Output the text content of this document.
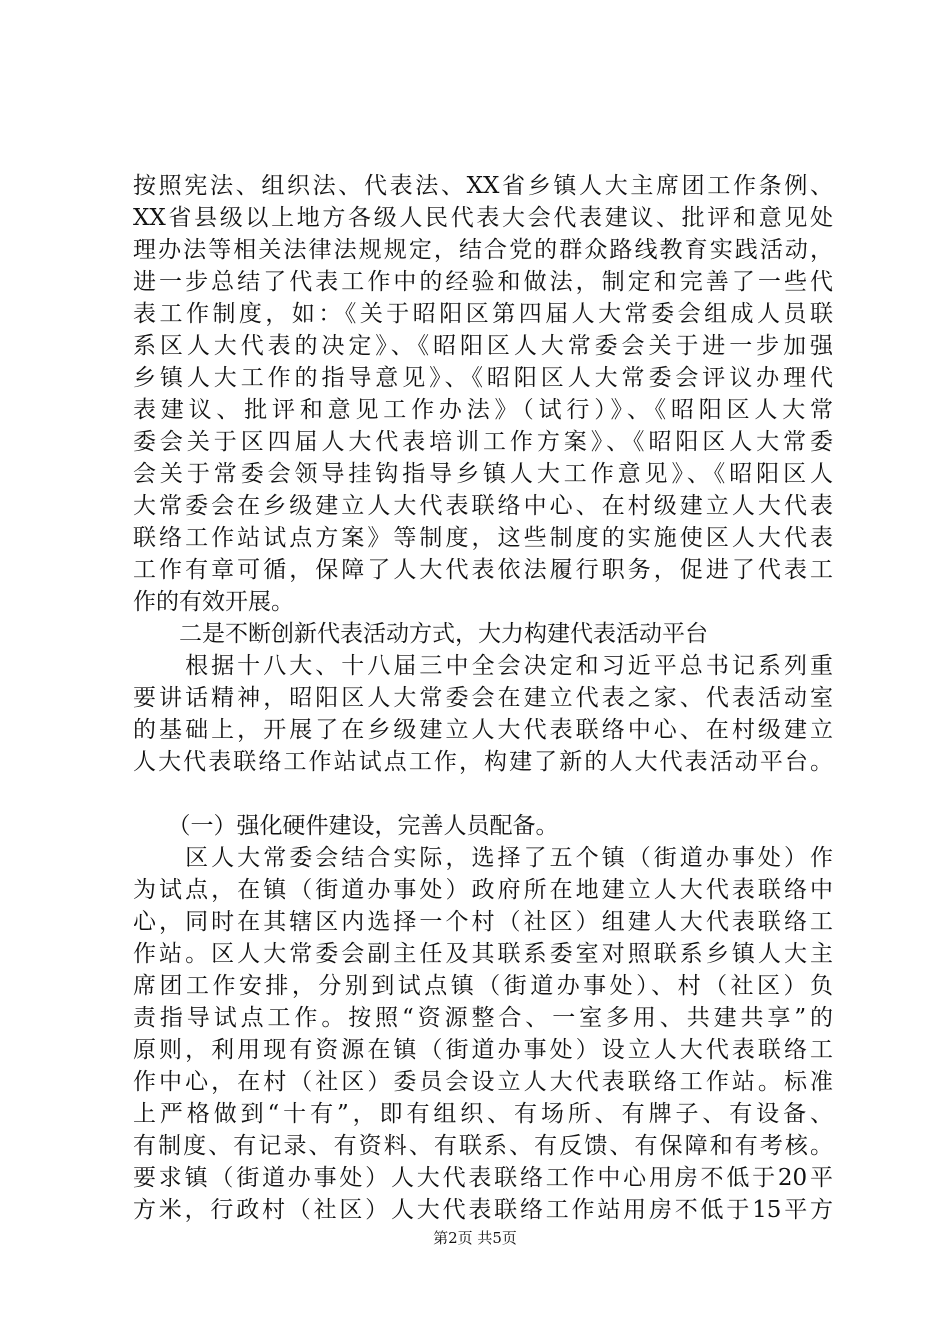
按照宪法、组织法、代表法、XX省乡镇人大主席团工作条例、
XX省县级以上地方各级人民代表大会代表建议、批评和意见处
理办法等相关法律法规规定，结合党的群众路线教育实践活动，
进一步总结了代表工作中的经验和做法，制定和完善了一些代
表工作制度，如：《关于昭阳区第四届人大常委会组成人员联
系区人大代表的决定》、《昭阳区人大常委会关于进一步加强
乡镇人大工作的指导意见》、《昭阳区人大常委会评议办理代
表建议、批评和意见工作办法》（试行）》、《昭阳区人大常
委会关于区四届人大代表培训工作方案》、《昭阳区人大常委
会关于常委会领导挂钩指导乡镇人大工作意见》、《昭阳区人
大常委会在乡级建立人大代表联络中心、在村级建立人大代表
联络工作站试点方案》等制度，这些制度的实施使区人大代表
工作有章可循，保障了人大代表依法履行职务，促进了代表工
作的有效开展。
　　二是不断创新代表活动方式，大力构建代表活动平台
　　根据十八大、十八届三中全会决定和习近平总书记系列重
要讲话精神，昭阳区人大常委会在建立代表之家、代表活动室
的基础上，开展了在乡级建立人大代表联络中心、在村级建立
人大代表联络工作站试点工作，构建了新的人大代表活动平台。
　　（一）强化硬件建设，完善人员配备。
　　区人大常委会结合实际，选择了五个镇（街道办事处）作
为试点，在镇（街道办事处）政府所在地建立人大代表联络中
心，同时在其辖区内选择一个村（社区）组建人大代表联络工
作站。区人大常委会副主任及其联系委室对照联系乡镇人大主
席团工作安排，分别到试点镇（街道办事处）、村（社区）负
责指导试点工作。按照“资源整合、一室多用、共建共享”的
原则，利用现有资源在镇（街道办事处）设立人大代表联络工
作中心，在村（社区）委员会设立人大代表联络工作站。标准
上严格做到“十有”，即有组织、有场所、有牌子、有设备、
有制度、有记录、有资料、有联系、有反馈、有保障和有考核。
要求镇（街道办事处）人大代表联络工作中心用房不低于20平
方米，行政村（社区）人大代表联络工作站用房不低于15平方
第2页 共5页
